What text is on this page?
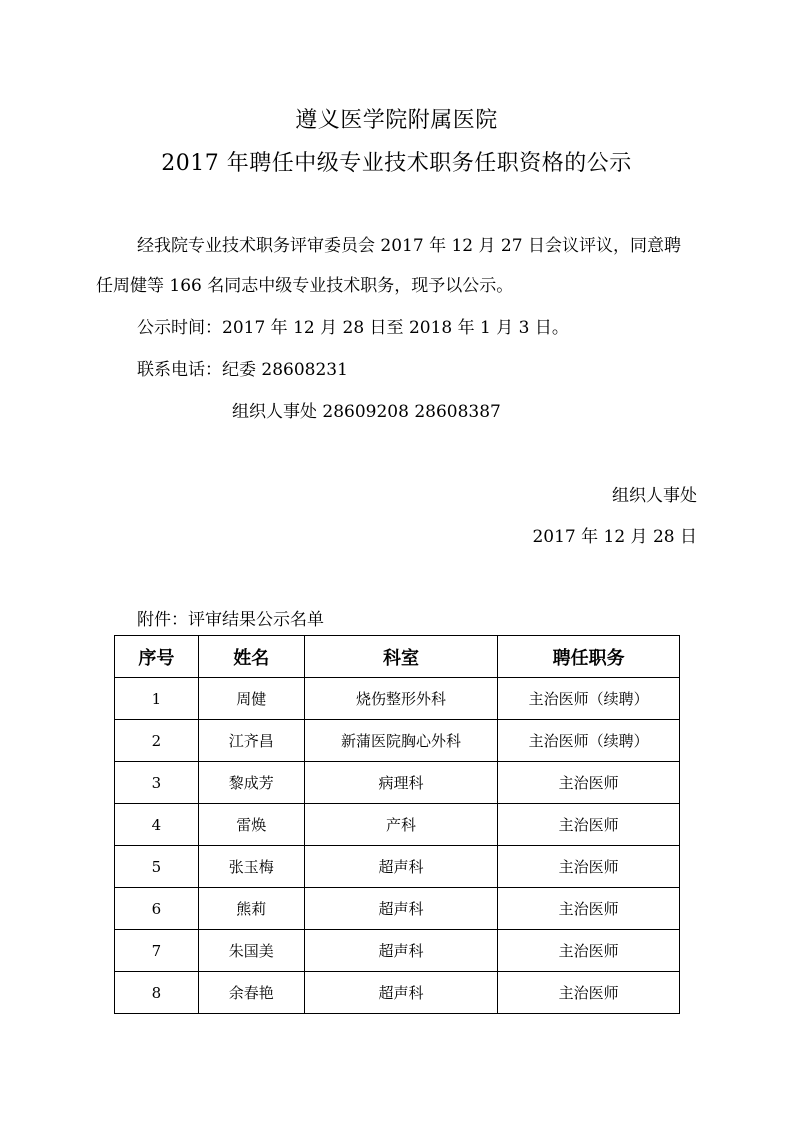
遵义医学院附属医院
2017 年聘任中级专业技术职务任职资格的公示
经我院专业技术职务评审委员会 2017 年 12 月 27 日会议评议，同意聘
任周健等 166 名同志中级专业技术职务，现予以公示。
公示时间：2017 年 12 月 28 日至 2018 年 1 月 3 日。
联系电话：纪委 28608231
组织人事处 28609208 28608387
组织人事处
2017 年 12 月 28 日
附件：评审结果公示名单
序号	姓名	科室	聘任职务
1	周健	烧伤整形外科	主治医师（续聘）
2	江齐昌	新蒲医院胸心外科	主治医师（续聘）
3	黎成芳	病理科	主治医师
4	雷焕	产科	主治医师
5	张玉梅	超声科	主治医师
6	熊莉	超声科	主治医师
7	朱国美	超声科	主治医师
8	余春艳	超声科	主治医师
